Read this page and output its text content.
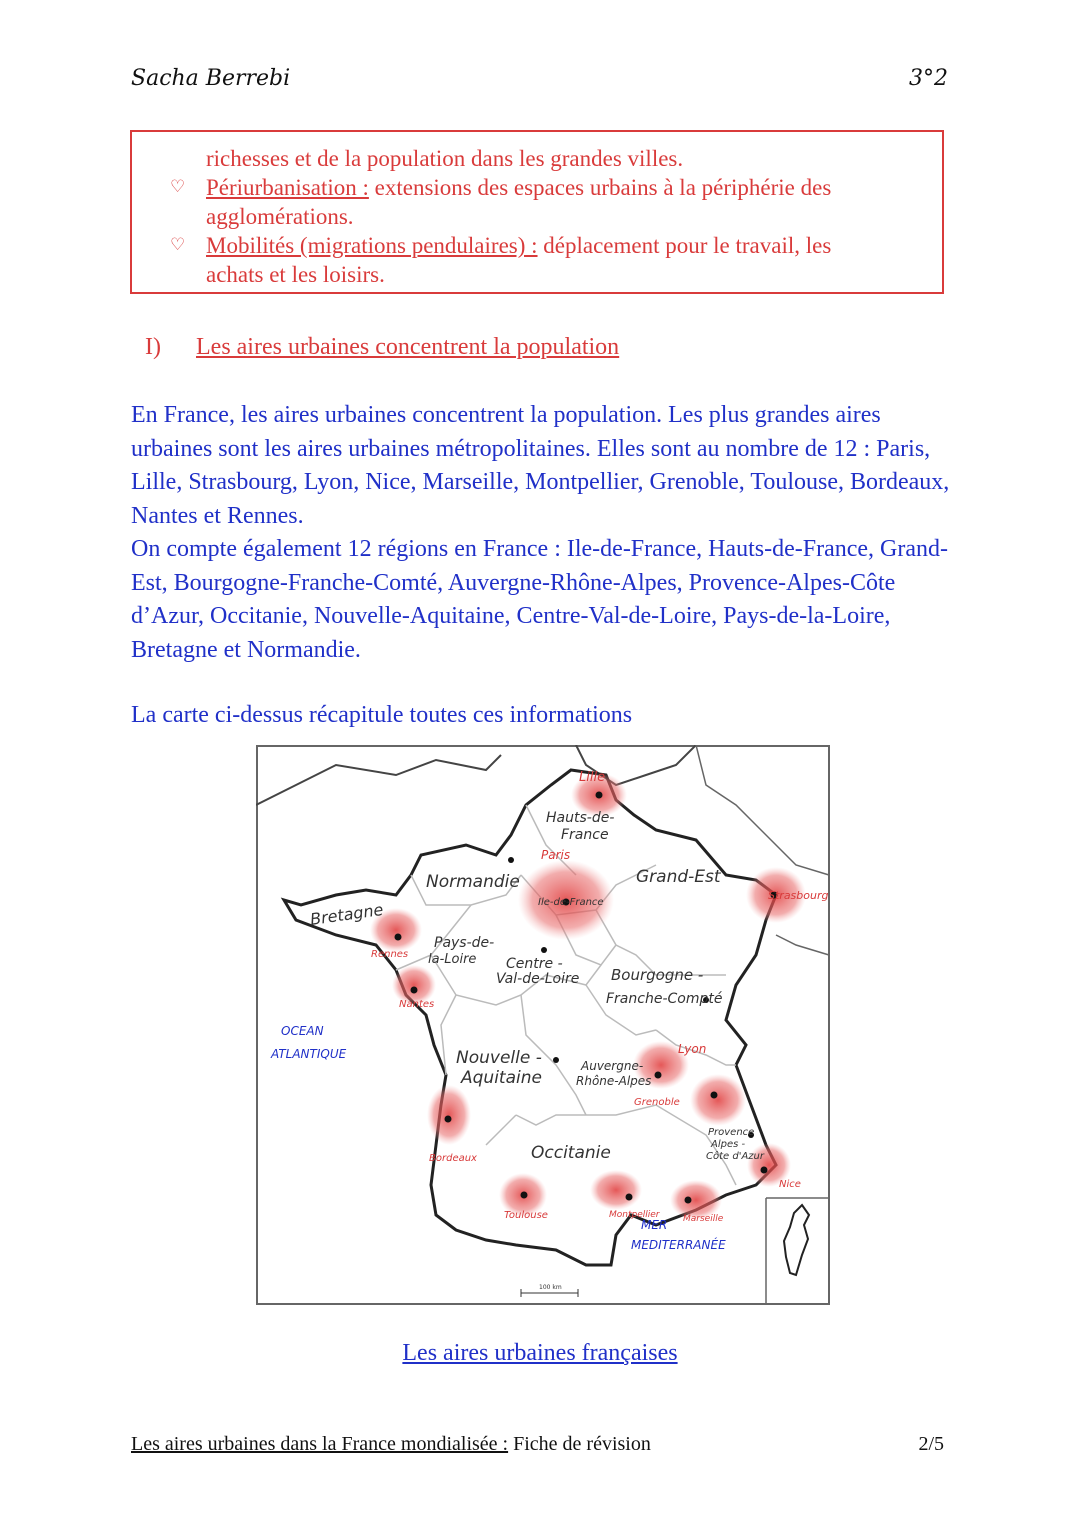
Sacha Berrebi	3°2
richesses et de la population dans les grandes villes.
♡ Périurbanisation : extensions des espaces urbains à la périphérie des
agglomérations.
♡ Mobilités (migrations pendulaires) : déplacement pour le travail, les
achats et les loisirs.
I) Les aires urbaines concentrent la population

En France, les aires urbaines concentrent la population. Les plus grandes aires urbaines sont les aires urbaines métropolitaines. Elles sont au nombre de 12 : Paris, Lille, Strasbourg, Lyon, Nice, Marseille, Montpellier, Grenoble, Toulouse, Bordeaux, Nantes et Rennes.

On compte également 12 régions en France : Ile-de-France, Hauts-de-France, Grand-Est, Bourgogne-Franche-Comté, Auvergne-Rhône-Alpes, Provence-Alpes-Côte d’Azur, Occitanie, Nouvelle-Aquitaine, Centre-Val-de-Loire, Pays-de-la-Loire, Bretagne et Normandie.

La carte ci-dessus récapitule toutes ces informations
Hauts-de-
France
Normandie
Ile-de-France
Grand-Est
Bretagne
Pays-de-
la-Loire Centre -
Val-de-Loire Bourgogne -
Franche-Compté
Nouvelle -
Aquitaine
Auvergne-
Rhône-Alpes
Occitanie
Provence
Alpes -
Côte d'Azur
Lille
Paris
Strasbourg
Rennes
Nantes
Lyon
Grenoble
Bordeaux
Toulouse	Montpellier	Marseille
Nice
OCEAN
ATLANTIQUE
MER
MEDITERRANÉE
100 km
Les aires urbaines françaises
Les aires urbaines dans la France mondialisée : Fiche de révision	2/5
